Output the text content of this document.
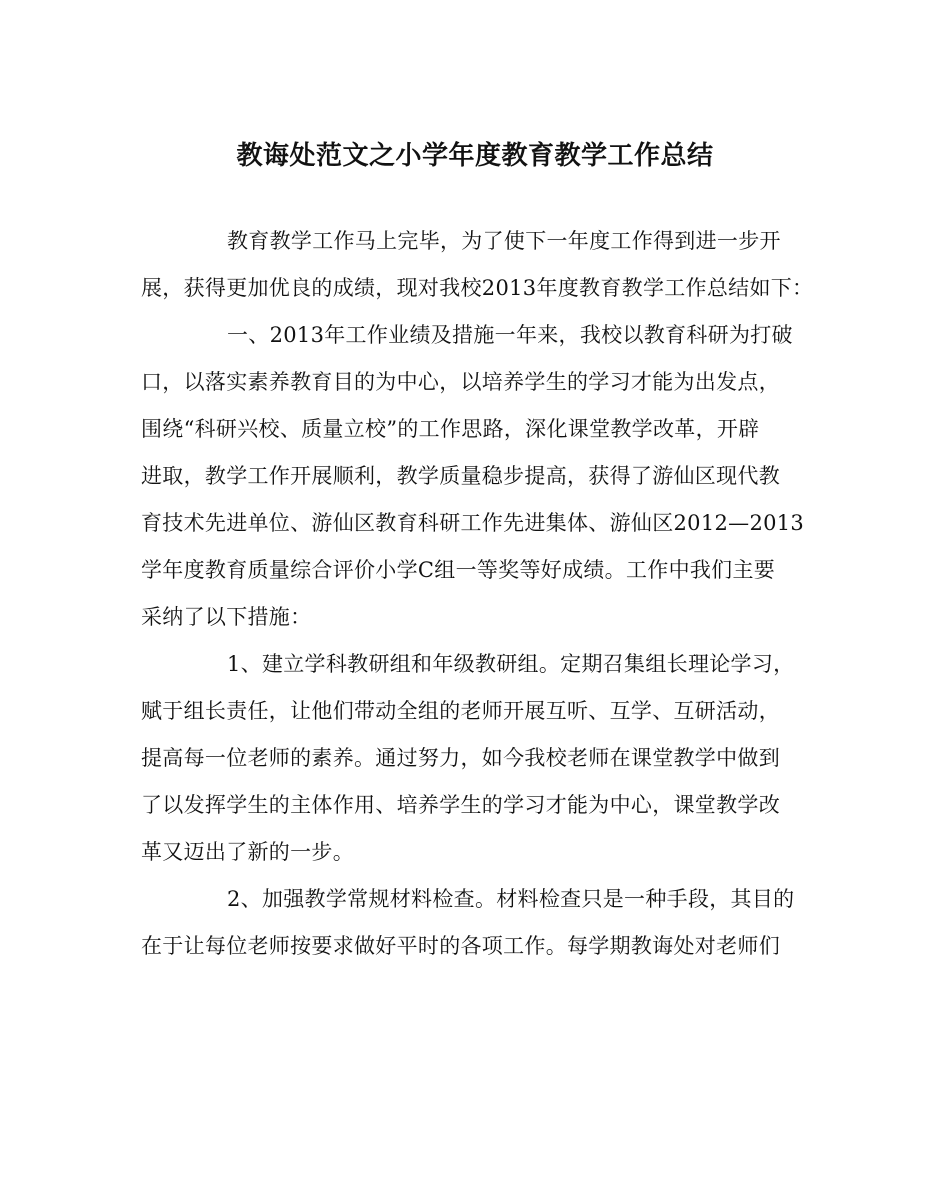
教诲处范文之小学年度教育教学工作总结
教育教学工作马上完毕，为了使下一年度工作得到进一步开
展，获得更加优良的成绩，现对我校2013年度教育教学工作总结如下：
一、2013年工作业绩及措施一年来，我校以教育科研为打破
口，以落实素养教育目的为中心，以培养学生的学习才能为出发点，
围绕“科研兴校、质量立校”的工作思路，深化课堂教学改革，开辟
进取，教学工作开展顺利，教学质量稳步提高，获得了游仙区现代教
育技术先进单位、游仙区教育科研工作先进集体、游仙区2012—2013
学年度教育质量综合评价小学C组一等奖等好成绩。工作中我们主要
采纳了以下措施：
1、建立学科教研组和年级教研组。定期召集组长理论学习，
赋于组长责任，让他们带动全组的老师开展互听、互学、互研活动，
提高每一位老师的素养。通过努力，如今我校老师在课堂教学中做到
了以发挥学生的主体作用、培养学生的学习才能为中心，课堂教学改
革又迈出了新的一步。
2、加强教学常规材料检查。材料检查只是一种手段，其目的
在于让每位老师按要求做好平时的各项工作。每学期教诲处对老师们
